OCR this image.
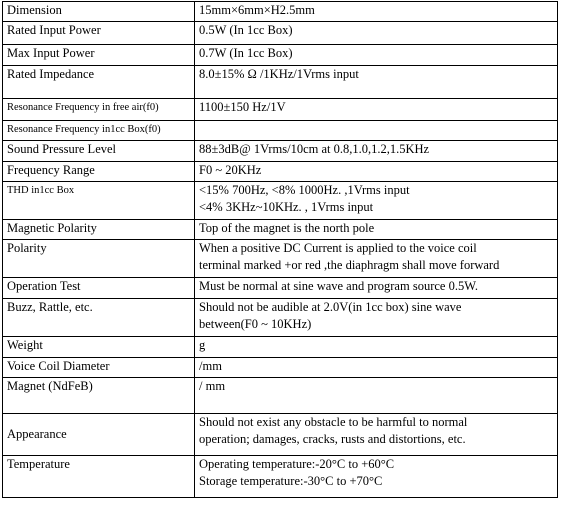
Dimension	15mm×6mm×H2.5mm

Rated Input Power	0.5W (In 1cc Box)

Max Input Power	0.7W (In 1cc Box)

Rated Impedance	8.0±15% Ω /1KHz/1Vrms input

Resonance Frequency in free air(f0)	1100±150 Hz/1V

Resonance Frequency in1cc Box(f0)	

Sound Pressure Level	88±3dB@ 1Vrms/10cm at 0.8,1.0,1.2,1.5KHz

Frequency Range	F0 ~ 20KHz

THD in1cc Box	<15% 700Hz, <8% 1000Hz. ,1Vrms input
<4% 3KHz~10KHz. , 1Vrms input

Magnetic Polarity	Top of the magnet is the north pole

Polarity	When a positive DC Current is applied to the voice coil
terminal marked +or red ,the diaphragm shall move forward

Operation Test	Must be normal at sine wave and program source 0.5W.

Buzz, Rattle, etc.	Should not be audible at 2.0V(in 1cc box) sine wave
between(F0 ~ 10KHz)

Weight	g

Voice Coil Diameter	/mm

Magnet (NdFeB)	/ mm

Appearance	Should not exist any obstacle to be harmful to normal
operation; damages, cracks, rusts and distortions, etc.

Temperature	Operating temperature:-20°C to +60°C
Storage temperature:-30°C to +70°C
